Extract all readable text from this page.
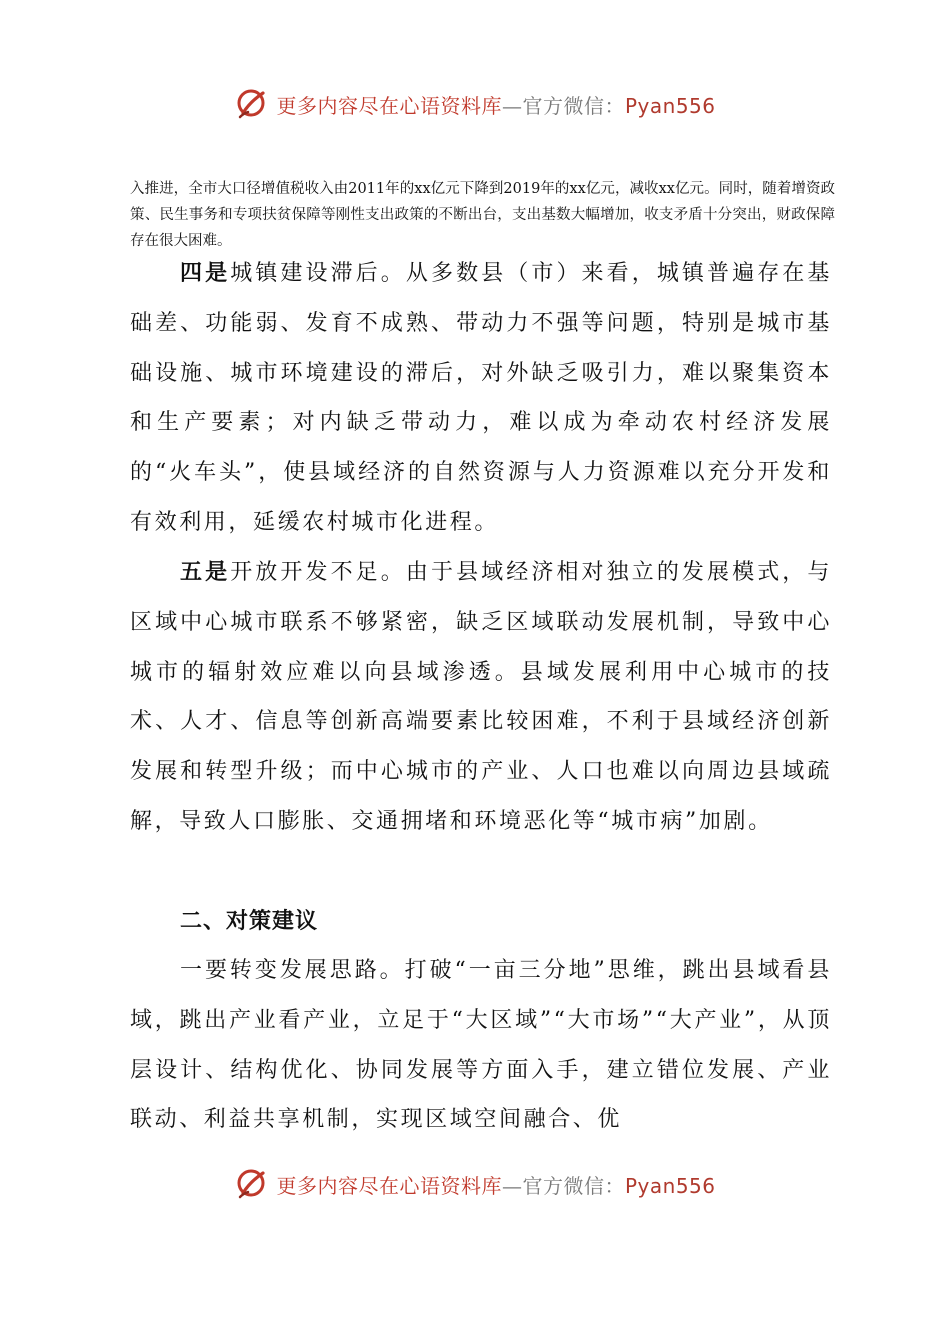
更多内容尽在心语资料库—官方微信：Pyan556
入推进，全市大口径增值税收入由2011年的xx亿元下降到2019年的xx亿元，减收xx亿元。同时，随着增资政策、民生事务和专项扶贫保障等刚性支出政策的不断出台，支出基数大幅增加，收支矛盾十分突出，财政保障存在很大困难。
四是城镇建设滞后。从多数县（市）来看，城镇普遍存在基础差、功能弱、发育不成熟、带动力不强等问题，特别是城市基础设施、城市环境建设的滞后，对外缺乏吸引力，难以聚集资本和生产要素；对内缺乏带动力，难以成为牵动农村经济发展的“火车头”，使县域经济的自然资源与人力资源难以充分开发和有效利用，延缓农村城市化进程。
五是开放开发不足。由于县域经济相对独立的发展模式，与区域中心城市联系不够紧密，缺乏区域联动发展机制，导致中心城市的辐射效应难以向县域渗透。县域发展利用中心城市的技术、人才、信息等创新高端要素比较困难，不利于县域经济创新发展和转型升级；而中心城市的产业、人口也难以向周边县域疏解，导致人口膨胀、交通拥堵和环境恶化等“城市病”加剧。
二、对策建议
一要转变发展思路。打破“一亩三分地”思维，跳出县域看县域，跳出产业看产业，立足于“大区域”“大市场”“大产业”，从顶层设计、结构优化、协同发展等方面入手，建立错位发展、产业联动、利益共享机制，实现区域空间融合、优
更多内容尽在心语资料库—官方微信：Pyan556
